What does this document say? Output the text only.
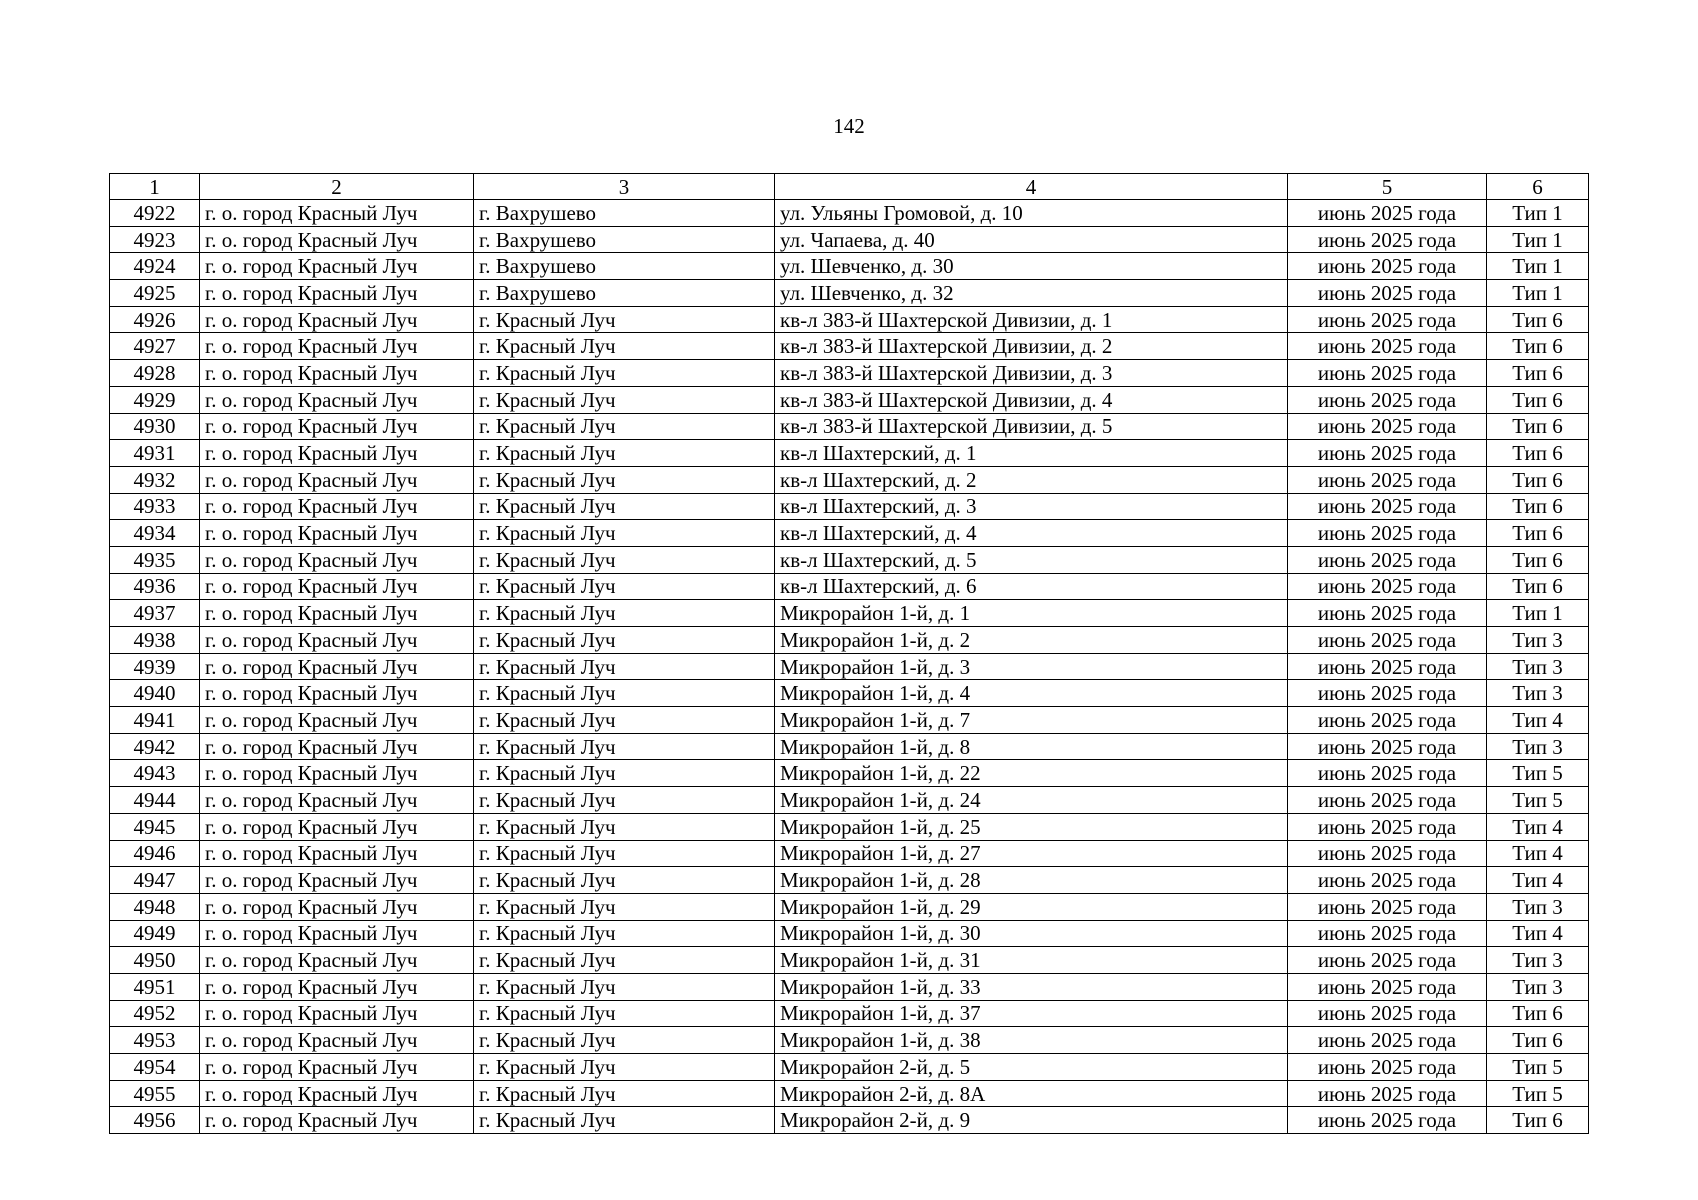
142
1	2	3	4	5	6
4922	г. о. город Красный Луч	г. Вахрушево	ул. Ульяны Громовой, д. 10	июнь 2025 года	Тип 1
4923	г. о. город Красный Луч	г. Вахрушево	ул. Чапаева, д. 40	июнь 2025 года	Тип 1
4924	г. о. город Красный Луч	г. Вахрушево	ул. Шевченко, д. 30	июнь 2025 года	Тип 1
4925	г. о. город Красный Луч	г. Вахрушево	ул. Шевченко, д. 32	июнь 2025 года	Тип 1
4926	г. о. город Красный Луч	г. Красный Луч	кв-л 383-й Шахтерской Дивизии, д. 1	июнь 2025 года	Тип 6
4927	г. о. город Красный Луч	г. Красный Луч	кв-л 383-й Шахтерской Дивизии, д. 2	июнь 2025 года	Тип 6
4928	г. о. город Красный Луч	г. Красный Луч	кв-л 383-й Шахтерской Дивизии, д. 3	июнь 2025 года	Тип 6
4929	г. о. город Красный Луч	г. Красный Луч	кв-л 383-й Шахтерской Дивизии, д. 4	июнь 2025 года	Тип 6
4930	г. о. город Красный Луч	г. Красный Луч	кв-л 383-й Шахтерской Дивизии, д. 5	июнь 2025 года	Тип 6
4931	г. о. город Красный Луч	г. Красный Луч	кв-л Шахтерский, д. 1	июнь 2025 года	Тип 6
4932	г. о. город Красный Луч	г. Красный Луч	кв-л Шахтерский, д. 2	июнь 2025 года	Тип 6
4933	г. о. город Красный Луч	г. Красный Луч	кв-л Шахтерский, д. 3	июнь 2025 года	Тип 6
4934	г. о. город Красный Луч	г. Красный Луч	кв-л Шахтерский, д. 4	июнь 2025 года	Тип 6
4935	г. о. город Красный Луч	г. Красный Луч	кв-л Шахтерский, д. 5	июнь 2025 года	Тип 6
4936	г. о. город Красный Луч	г. Красный Луч	кв-л Шахтерский, д. 6	июнь 2025 года	Тип 6
4937	г. о. город Красный Луч	г. Красный Луч	Микрорайон 1-й, д. 1	июнь 2025 года	Тип 1
4938	г. о. город Красный Луч	г. Красный Луч	Микрорайон 1-й, д. 2	июнь 2025 года	Тип 3
4939	г. о. город Красный Луч	г. Красный Луч	Микрорайон 1-й, д. 3	июнь 2025 года	Тип 3
4940	г. о. город Красный Луч	г. Красный Луч	Микрорайон 1-й, д. 4	июнь 2025 года	Тип 3
4941	г. о. город Красный Луч	г. Красный Луч	Микрорайон 1-й, д. 7	июнь 2025 года	Тип 4
4942	г. о. город Красный Луч	г. Красный Луч	Микрорайон 1-й, д. 8	июнь 2025 года	Тип 3
4943	г. о. город Красный Луч	г. Красный Луч	Микрорайон 1-й, д. 22	июнь 2025 года	Тип 5
4944	г. о. город Красный Луч	г. Красный Луч	Микрорайон 1-й, д. 24	июнь 2025 года	Тип 5
4945	г. о. город Красный Луч	г. Красный Луч	Микрорайон 1-й, д. 25	июнь 2025 года	Тип 4
4946	г. о. город Красный Луч	г. Красный Луч	Микрорайон 1-й, д. 27	июнь 2025 года	Тип 4
4947	г. о. город Красный Луч	г. Красный Луч	Микрорайон 1-й, д. 28	июнь 2025 года	Тип 4
4948	г. о. город Красный Луч	г. Красный Луч	Микрорайон 1-й, д. 29	июнь 2025 года	Тип 3
4949	г. о. город Красный Луч	г. Красный Луч	Микрорайон 1-й, д. 30	июнь 2025 года	Тип 4
4950	г. о. город Красный Луч	г. Красный Луч	Микрорайон 1-й, д. 31	июнь 2025 года	Тип 3
4951	г. о. город Красный Луч	г. Красный Луч	Микрорайон 1-й, д. 33	июнь 2025 года	Тип 3
4952	г. о. город Красный Луч	г. Красный Луч	Микрорайон 1-й, д. 37	июнь 2025 года	Тип 6
4953	г. о. город Красный Луч	г. Красный Луч	Микрорайон 1-й, д. 38	июнь 2025 года	Тип 6
4954	г. о. город Красный Луч	г. Красный Луч	Микрорайон 2-й, д. 5	июнь 2025 года	Тип 5
4955	г. о. город Красный Луч	г. Красный Луч	Микрорайон 2-й, д. 8А	июнь 2025 года	Тип 5
4956	г. о. город Красный Луч	г. Красный Луч	Микрорайон 2-й, д. 9	июнь 2025 года	Тип 6
